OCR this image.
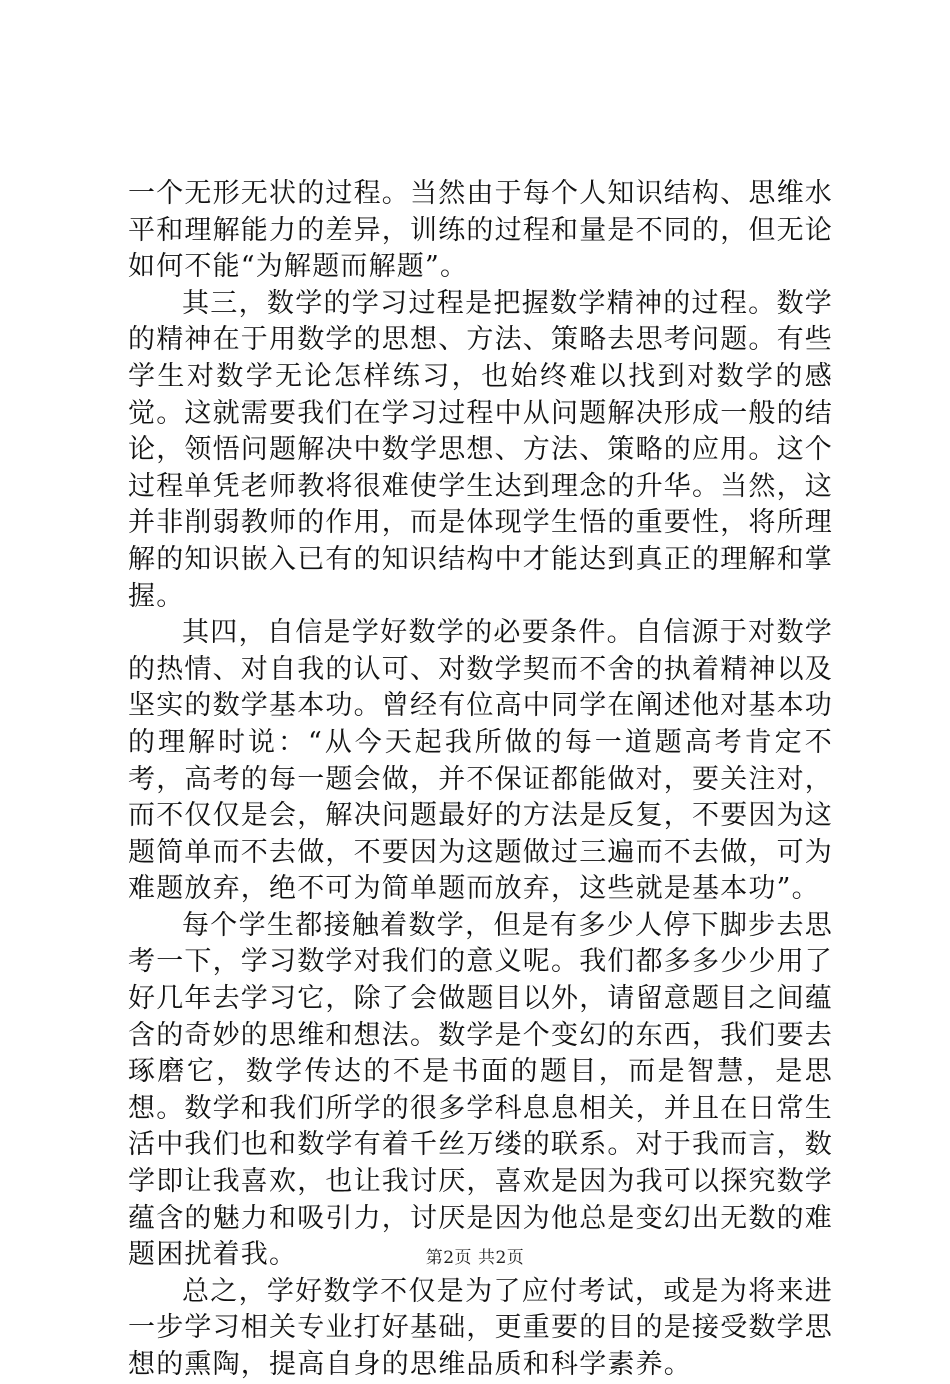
一个无形无状的过程。当然由于每个人知识结构、思维水平和理解能力的差异，训练的过程和量是不同的，但无论如何不能“为解题而解题”。

其三，数学的学习过程是把握数学精神的过程。数学的精神在于用数学的思想、方法、策略去思考问题。有些学生对数学无论怎样练习，也始终难以找到对数学的感觉。这就需要我们在学习过程中从问题解决形成一般的结论，领悟问题解决中数学思想、方法、策略的应用。这个过程单凭老师教将很难使学生达到理念的升华。当然，这并非削弱教师的作用，而是体现学生悟的重要性，将所理解的知识嵌入已有的知识结构中才能达到真正的理解和掌握。

其四，自信是学好数学的必要条件。自信源于对数学的热情、对自我的认可、对数学契而不舍的执着精神以及坚实的数学基本功。曾经有位高中同学在阐述他对基本功的理解时说：“从今天起我所做的每一道题高考肯定不考，高考的每一题会做，并不保证都能做对，要关注对，而不仅仅是会，解决问题最好的方法是反复，不要因为这题简单而不去做，不要因为这题做过三遍而不去做，可为难题放弃，绝不可为简单题而放弃，这些就是基本功”。

每个学生都接触着数学，但是有多少人停下脚步去思考一下，学习数学对我们的意义呢。我们都多多少少用了好几年去学习它，除了会做题目以外，请留意题目之间蕴含的奇妙的思维和想法。数学是个变幻的东西，我们要去琢磨它，数学传达的不是书面的题目，而是智慧，是思想。数学和我们所学的很多学科息息相关，并且在日常生活中我们也和数学有着千丝万缕的联系。对于我而言，数学即让我喜欢，也让我讨厌，喜欢是因为我可以探究数学蕴含的魅力和吸引力，讨厌是因为他总是变幻出无数的难题困扰着我。

总之，学好数学不仅是为了应付考试，或是为将来进一步学习相关专业打好基础，更重要的目的是接受数学思想的熏陶，提高自身的思维品质和科学素养。

第2页 共2页
